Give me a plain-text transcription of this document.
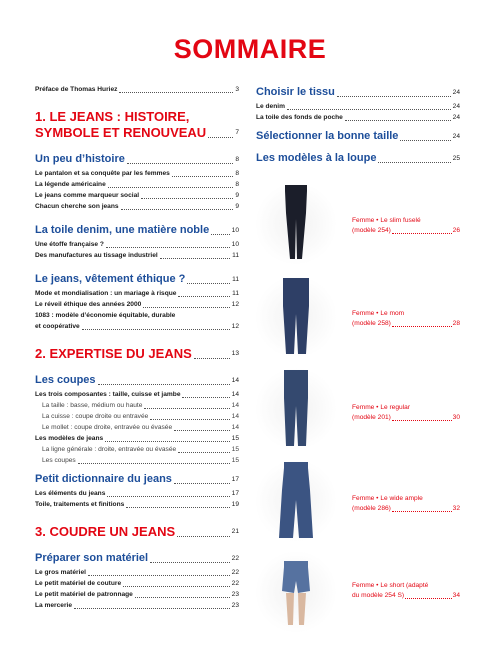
SOMMAIRE
Préface de Thomas Huriez	3
1. LE JEANS : HISTOIRE,
SYMBOLE ET RENOUVEAU	7
Un peu d’histoire	8
Le pantalon et sa conquête par les femmes	8
La légende américaine	8
Le jeans comme marqueur social	9
Chacun cherche son jeans	9
La toile denim, une matière noble	10
Une étoffe française ?	10
Des manufactures au tissage industriel	11
Le jeans, vêtement éthique ?	11
Mode et mondialisation : un mariage à risque	11
Le réveil éthique des années 2000	12
1083 : modèle d’économie équitable, durable
et coopérative	12
2. EXPERTISE DU JEANS	13
Les coupes	14
Les trois composantes : taille, cuisse et jambe	14
La taille : basse, médium ou haute	14
La cuisse : coupe droite ou entravée	14
Le mollet : coupe droite, entravée ou évasée	14
Les modèles de jeans	15
La ligne générale : droite, entravée ou évasée	15
Les coupes	15
Petit dictionnaire du jeans	17
Les éléments du jeans	17
Toile, traitements et finitions	19
3. COUDRE UN JEANS	21
Préparer son matériel	22
Le gros matériel	22
Le petit matériel de couture	22
Le petit matériel de patronnage	23
La mercerie	23
Choisir le tissu	24
Le denim	24
La toile des fonds de poche	24
Sélectionner la bonne taille	24
Les modèles à la loupe	25
Femme • Le slim fuselé
(modèle 254)	26
Femme • Le mom
(modèle 258)	28
Femme • Le regular
(modèle 201)	30
Femme • Le wide ample
(modèle 286)	32
Femme • Le short (adapté
du modèle 254 S)	34
